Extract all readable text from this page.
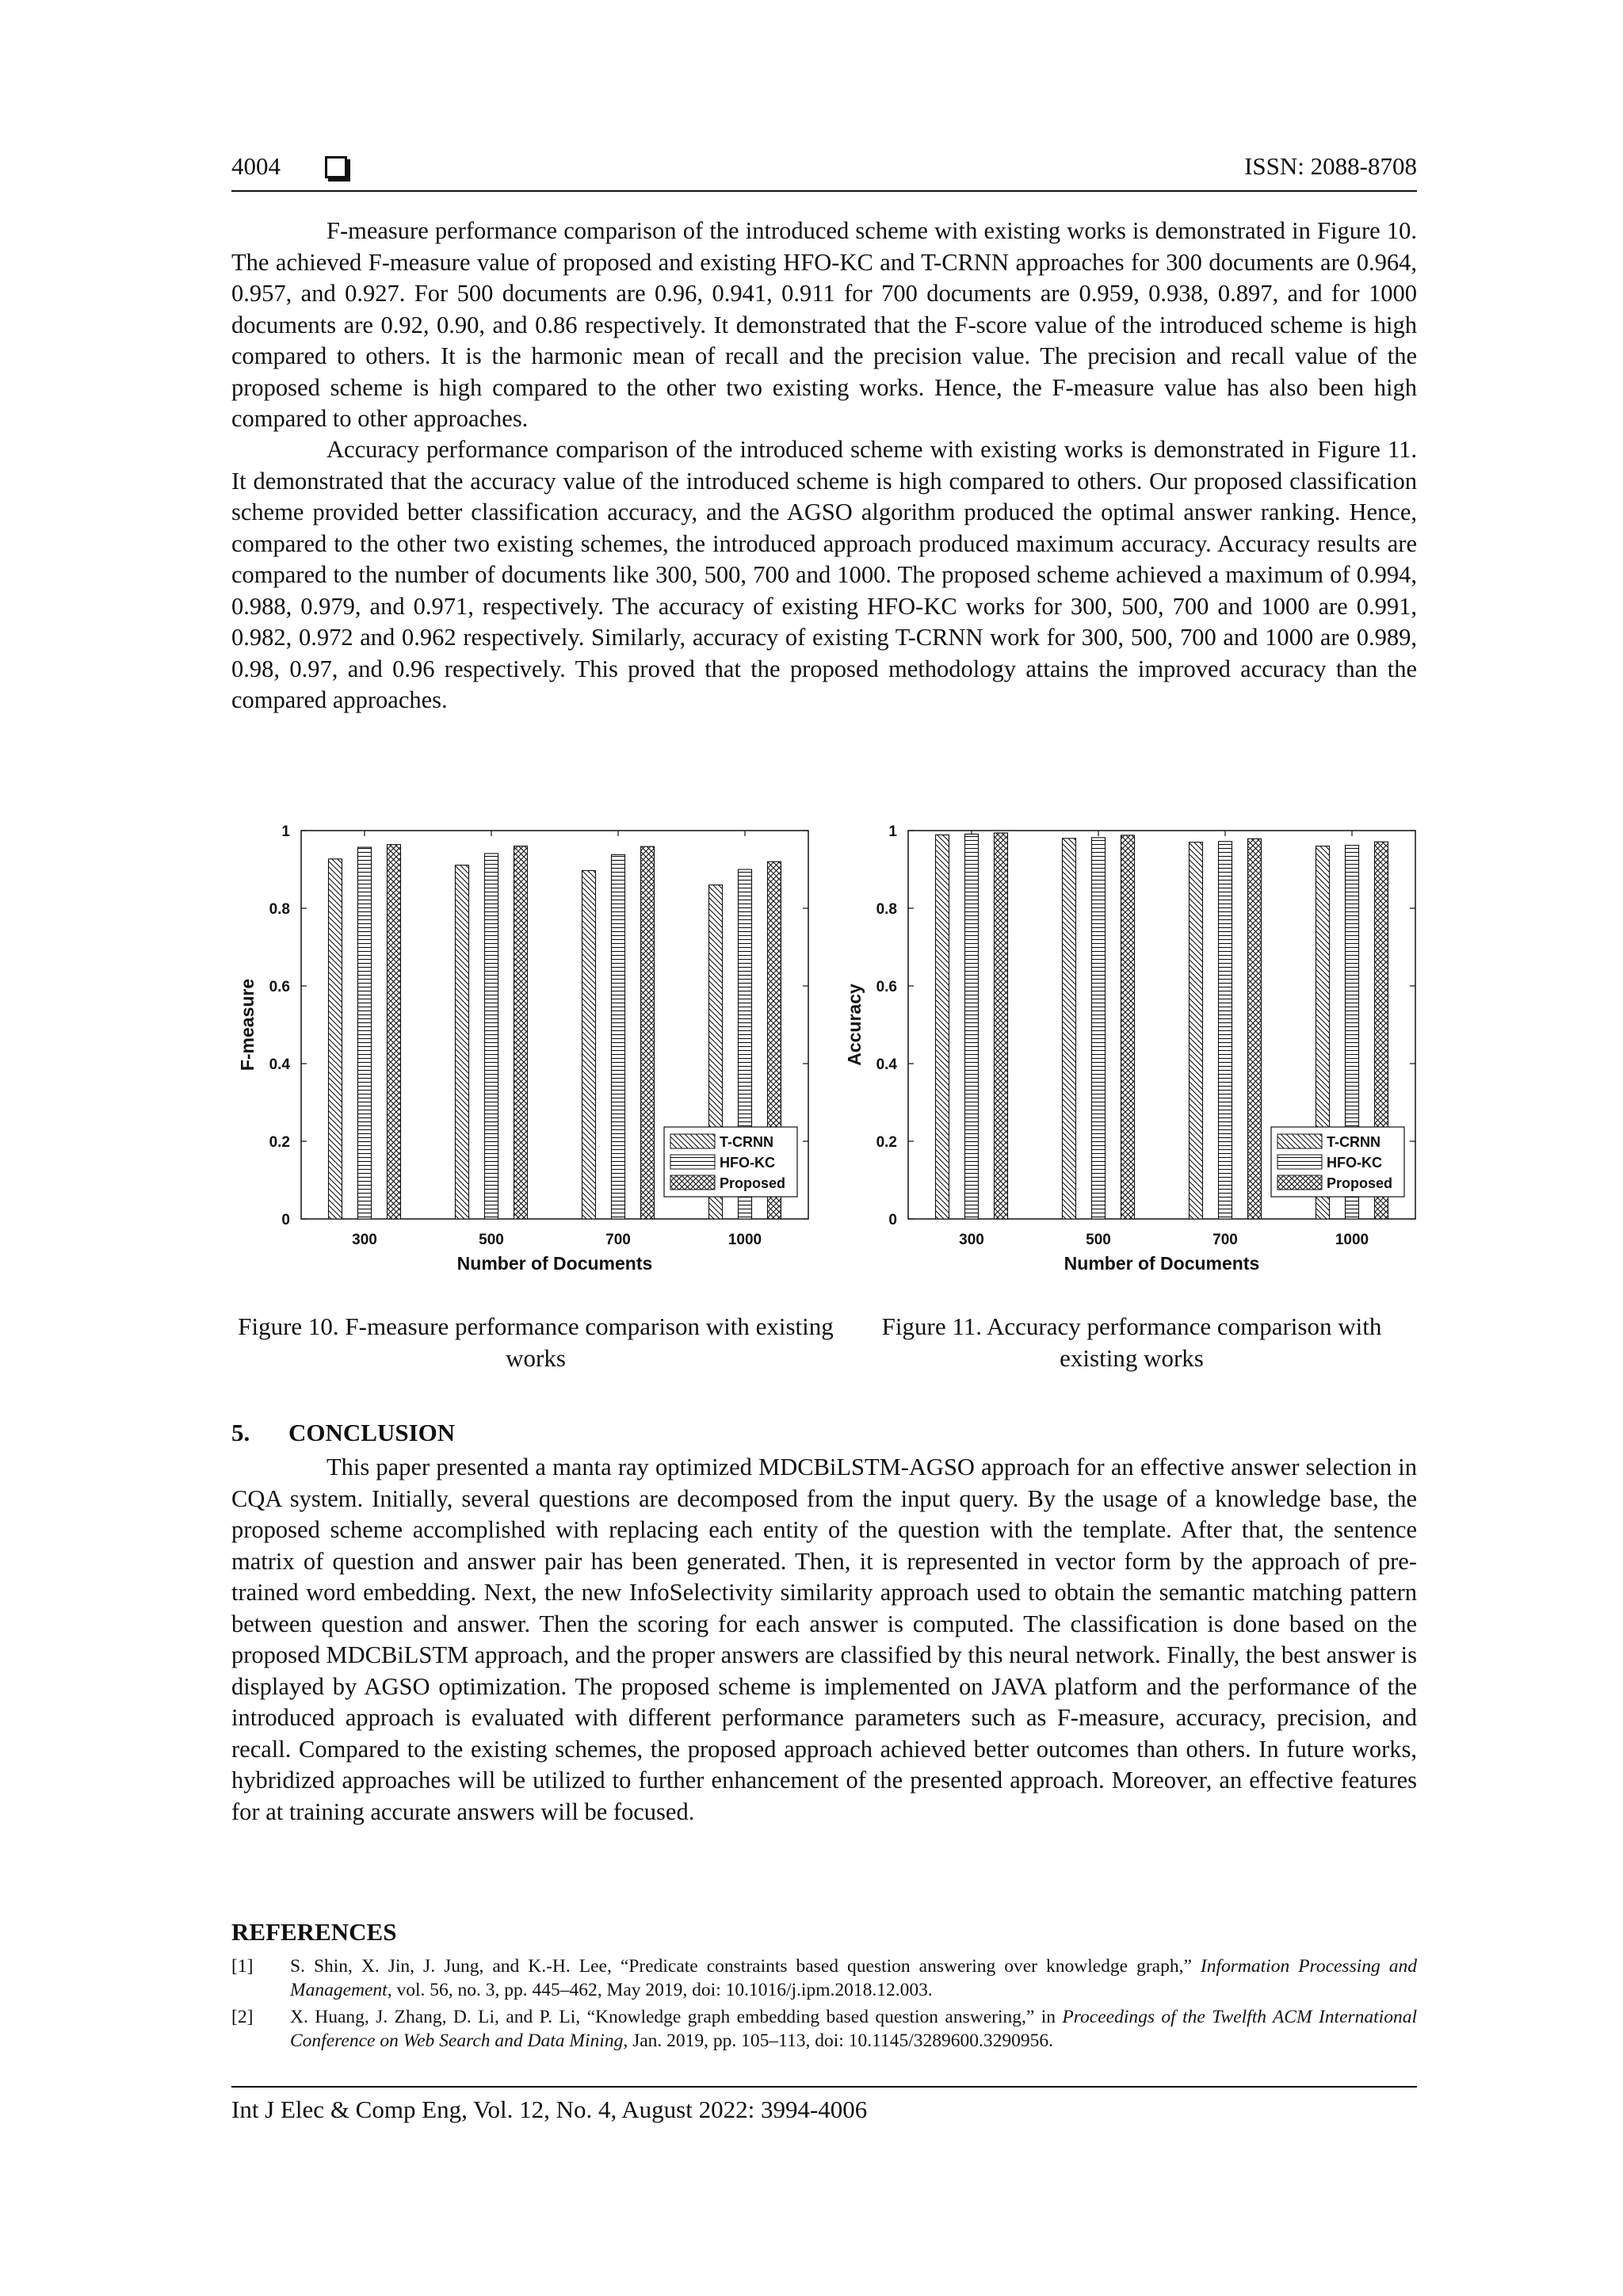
4004	ISSN: 2088-8708

F-measure performance comparison of the introduced scheme with existing works is demonstrated in Figure 10. The achieved F-measure value of proposed and existing HFO-KC and T-CRNN approaches for 300 documents are 0.964, 0.957, and 0.927. For 500 documents are 0.96, 0.941, 0.911 for 700 documents are 0.959, 0.938, 0.897, and for 1000 documents are 0.92, 0.90, and 0.86 respectively. It demonstrated that the F-score value of the introduced scheme is high compared to others. It is the harmonic mean of recall and the precision value. The precision and recall value of the proposed scheme is high compared to the other two existing works. Hence, the F-measure value has also been high compared to other approaches.

Accuracy performance comparison of the introduced scheme with existing works is demonstrated in Figure 11. It demonstrated that the accuracy value of the introduced scheme is high compared to others. Our proposed classification scheme provided better classification accuracy, and the AGSO algorithm produced the optimal answer ranking. Hence, compared to the other two existing schemes, the introduced approach produced maximum accuracy. Accuracy results are compared to the number of documents like 300, 500, 700 and 1000. The proposed scheme achieved a maximum of 0.994, 0.988, 0.979, and 0.971, respectively. The accuracy of existing HFO-KC works for 300, 500, 700 and 1000 are 0.991, 0.982, 0.972 and 0.962 respectively. Similarly, accuracy of existing T-CRNN work for 300, 500, 700 and 1000 are 0.989, 0.98, 0.97, and 0.96 respectively. This proved that the proposed methodology attains the improved accuracy than the compared approaches.

0
0.2
0.4
0.6
0.8
1
300	500	700	1000
Number of Documents
F-measure
T-CRNN
HFO-KC
Proposed

Figure 10. F-measure performance comparison with existing works

0
0.2
0.4
0.6
0.8
1
300	500	700	1000
Number of Documents
Accuracy
T-CRNN
HFO-KC
Proposed

Figure 11. Accuracy performance comparison with existing works

5. CONCLUSION

This paper presented a manta ray optimized MDCBiLSTM-AGSO approach for an effective answer selection in CQA system. Initially, several questions are decomposed from the input query. By the usage of a knowledge base, the proposed scheme accomplished with replacing each entity of the question with the template. After that, the sentence matrix of question and answer pair has been generated. Then, it is represented in vector form by the approach of pre-trained word embedding. Next, the new InfoSelectivity similarity approach used to obtain the semantic matching pattern between question and answer. Then the scoring for each answer is computed. The classification is done based on the proposed MDCBiLSTM approach, and the proper answers are classified by this neural network. Finally, the best answer is displayed by AGSO optimization. The proposed scheme is implemented on JAVA platform and the performance of the introduced approach is evaluated with different performance parameters such as F-measure, accuracy, precision, and recall. Compared to the existing schemes, the proposed approach achieved better outcomes than others. In future works, hybridized approaches will be utilized to further enhancement of the presented approach. Moreover, an effective features for at training accurate answers will be focused.

REFERENCES
[1] S. Shin, X. Jin, J. Jung, and K.-H. Lee, “Predicate constraints based question answering over knowledge graph,” Information Processing and Management, vol. 56, no. 3, pp. 445–462, May 2019, doi: 10.1016/j.ipm.2018.12.003.
[2] X. Huang, J. Zhang, D. Li, and P. Li, “Knowledge graph embedding based question answering,” in Proceedings of the Twelfth ACM International Conference on Web Search and Data Mining, Jan. 2019, pp. 105–113, doi: 10.1145/3289600.3290956.
Int J Elec & Comp Eng, Vol. 12, No. 4, August 2022: 3994-4006
